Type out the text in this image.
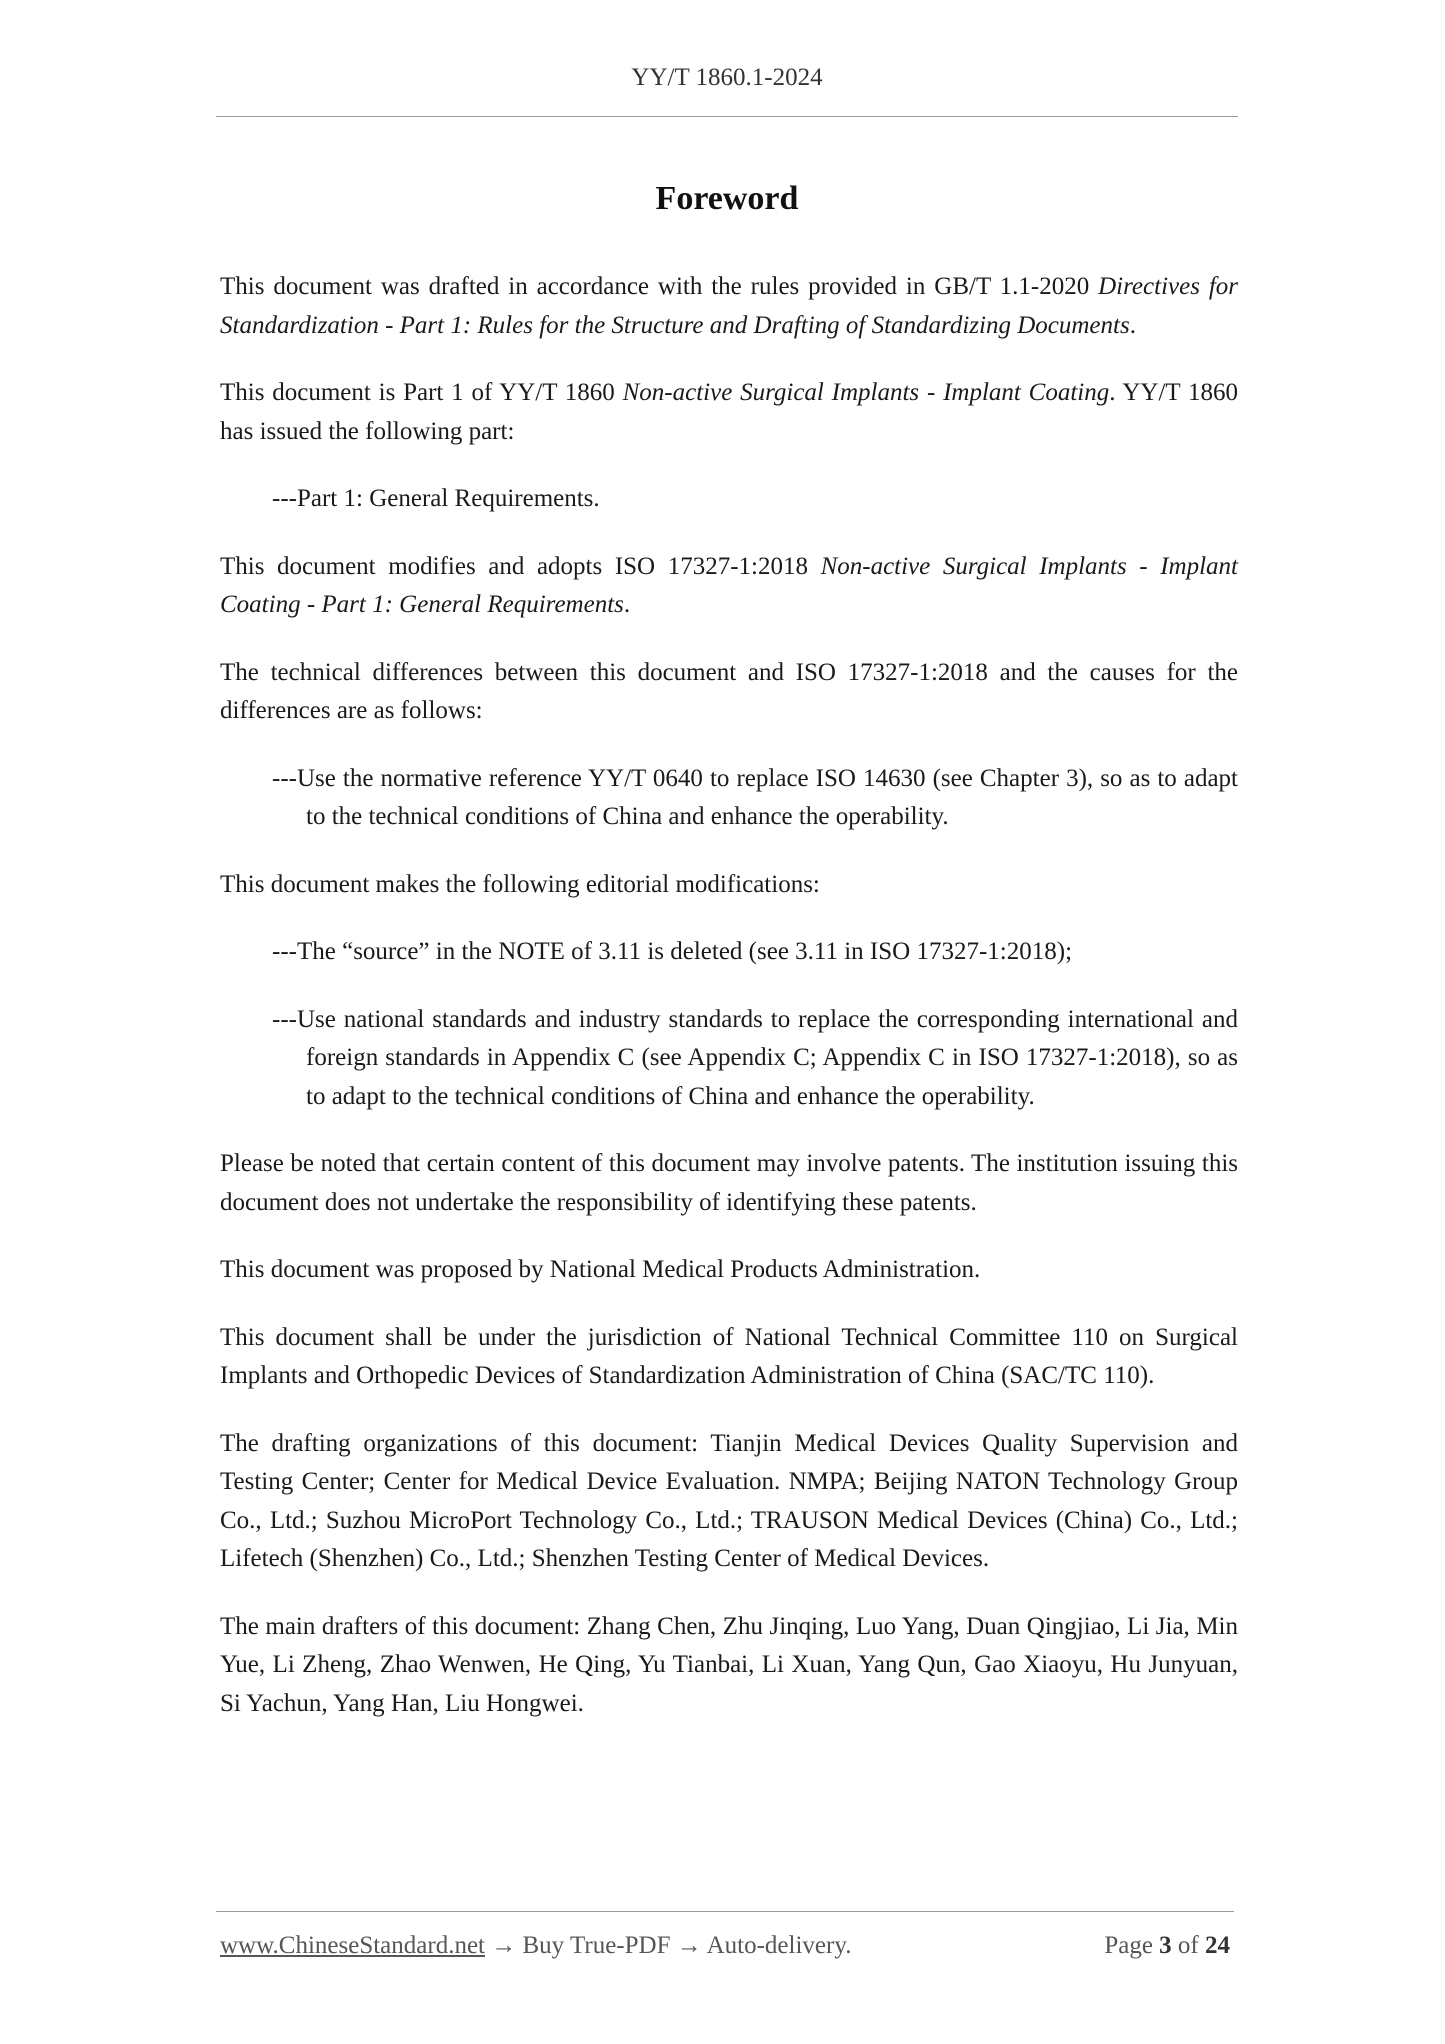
YY/T 1860.1-2024
Foreword

This document was drafted in accordance with the rules provided in GB/T 1.1-2020 Directives for Standardization - Part 1: Rules for the Structure and Drafting of Standardizing Documents.

This document is Part 1 of YY/T 1860 Non-active Surgical Implants - Implant Coating. YY/T 1860 has issued the following part:

---Part 1: General Requirements.

This document modifies and adopts ISO 17327-1:2018 Non-active Surgical Implants - Implant Coating - Part 1: General Requirements.

The technical differences between this document and ISO 17327-1:2018 and the causes for the differences are as follows:

---Use the normative reference YY/T 0640 to replace ISO 14630 (see Chapter 3), so as to adapt to the technical conditions of China and enhance the operability.

This document makes the following editorial modifications:

---The “source” in the NOTE of 3.11 is deleted (see 3.11 in ISO 17327-1:2018);

---Use national standards and industry standards to replace the corresponding international and foreign standards in Appendix C (see Appendix C; Appendix C in ISO 17327-1:2018), so as to adapt to the technical conditions of China and enhance the operability.

Please be noted that certain content of this document may involve patents. The institution issuing this document does not undertake the responsibility of identifying these patents.

This document was proposed by National Medical Products Administration.

This document shall be under the jurisdiction of National Technical Committee 110 on Surgical Implants and Orthopedic Devices of Standardization Administration of China (SAC/TC 110).

The drafting organizations of this document: Tianjin Medical Devices Quality Supervision and Testing Center; Center for Medical Device Evaluation. NMPA; Beijing NATON Technology Group Co., Ltd.; Suzhou MicroPort Technology Co., Ltd.; TRAUSON Medical Devices (China) Co., Ltd.; Lifetech (Shenzhen) Co., Ltd.; Shenzhen Testing Center of Medical Devices.

The main drafters of this document: Zhang Chen, Zhu Jinqing, Luo Yang, Duan Qingjiao, Li Jia, Min Yue, Li Zheng, Zhao Wenwen, He Qing, Yu Tianbai, Li Xuan, Yang Qun, Gao Xiaoyu, Hu Junyuan, Si Yachun, Yang Han, Liu Hongwei.

www.ChineseStandard.net → Buy True-PDF → Auto-delivery.	Page 3 of 24
